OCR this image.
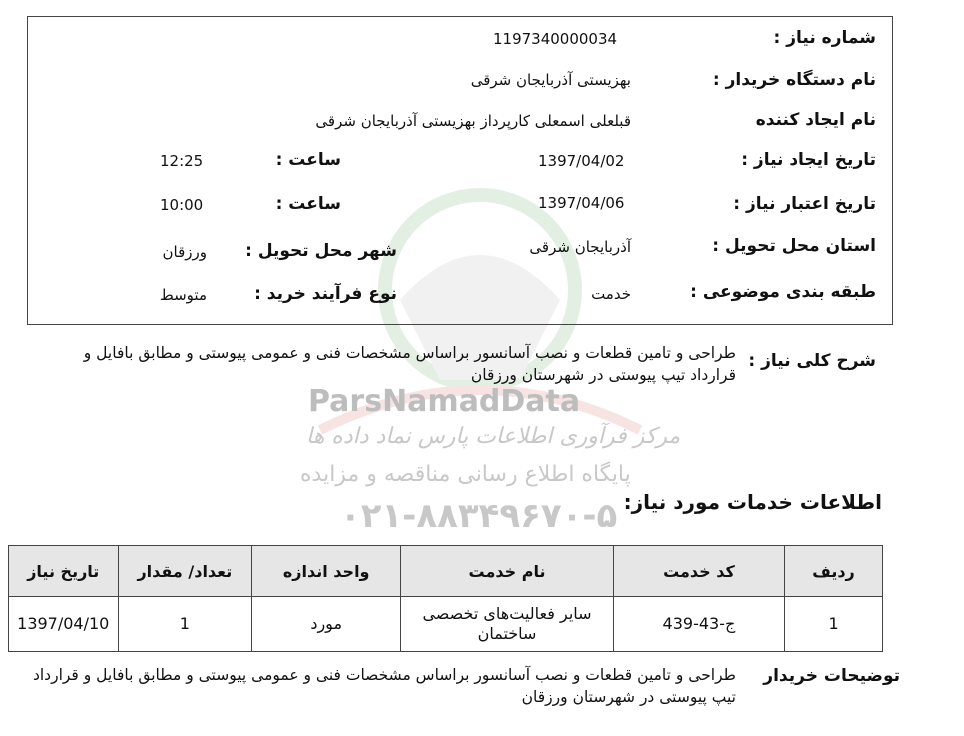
ParsNamadData
مرکز فرآوری اطلاعات پارس نماد داده ها
پایگاه اطلاع رسانی مناقصه و مزایده
۰۲۱-۸۸۳۴۹۶۷۰-۵
شماره نیاز :
1197340000034
نام دستگاه خریدار :
بهزیستی آذربایجان شرقی
نام ایجاد کننده
قبلعلی اسمعلی کارپرداز بهزیستی آذربایجان شرقی
تاریخ ایجاد نیاز :
1397/04/02
ساعت :
12:25
تاریخ اعتبار نیاز :
1397/04/06
ساعت :
10:00
استان محل تحویل :
آذربایجان شرقی
شهر محل تحویل :
ورزقان
طبقه بندی موضوعی :
خدمت
نوع فرآیند خرید :
متوسط
شرح کلی نیاز :
طراحی و تامین قطعات و نصب آسانسور براساس مشخصات فنی و عمومی پیوستی و مطابق بافایل و قرارداد تیپ پیوستی در شهرستان ورزقان
اطلاعات خدمات مورد نیاز:
ردیف	کد خدمت	نام خدمت	واحد اندازه	تعداد/ مقدار	تاریخ نیاز
1	ج-43-439	سایر فعالیت‌های تخصصی ساختمان	مورد	1	1397/04/10
توضیحات خریدار
طراحی و تامین قطعات و نصب آسانسور براساس مشخصات فنی و عمومی پیوستی و مطابق بافایل و قرارداد تیپ پیوستی در شهرستان ورزقان
